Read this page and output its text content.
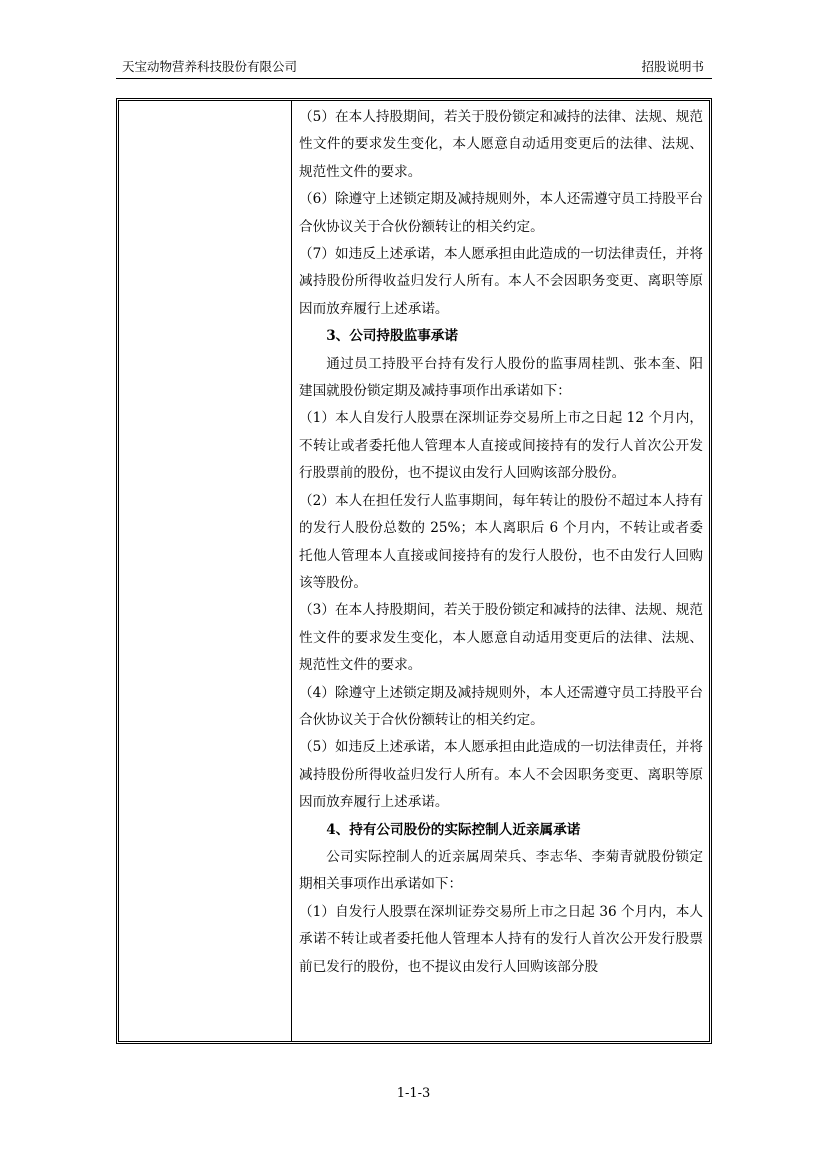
天宝动物营养科技股份有限公司	招股说明书

（5）在本人持股期间，若关于股份锁定和减持的法律、法规、规范性文件的要求发生变化，本人愿意自动适用变更后的法律、法规、规范性文件的要求。

（6）除遵守上述锁定期及减持规则外，本人还需遵守员工持股平台合伙协议关于合伙份额转让的相关约定。

（7）如违反上述承诺，本人愿承担由此造成的一切法律责任，并将减持股份所得收益归发行人所有。本人不会因职务变更、离职等原因而放弃履行上述承诺。

3、公司持股监事承诺

通过员工持股平台持有发行人股份的监事周桂凯、张本奎、阳建国就股份锁定期及减持事项作出承诺如下：

（1）本人自发行人股票在深圳证券交易所上市之日起 12 个月内，不转让或者委托他人管理本人直接或间接持有的发行人首次公开发行股票前的股份，也不提议由发行人回购该部分股份。

（2）本人在担任发行人监事期间，每年转让的股份不超过本人持有的发行人股份总数的 25%；本人离职后 6 个月内，不转让或者委托他人管理本人直接或间接持有的发行人股份，也不由发行人回购该等股份。

（3）在本人持股期间，若关于股份锁定和减持的法律、法规、规范性文件的要求发生变化，本人愿意自动适用变更后的法律、法规、规范性文件的要求。

（4）除遵守上述锁定期及减持规则外，本人还需遵守员工持股平台合伙协议关于合伙份额转让的相关约定。

（5）如违反上述承诺，本人愿承担由此造成的一切法律责任，并将减持股份所得收益归发行人所有。本人不会因职务变更、离职等原因而放弃履行上述承诺。

4、持有公司股份的实际控制人近亲属承诺

公司实际控制人的近亲属周荣兵、李志华、李菊青就股份锁定期相关事项作出承诺如下：

（1）自发行人股票在深圳证券交易所上市之日起 36 个月内，本人承诺不转让或者委托他人管理本人持有的发行人首次公开发行股票前已发行的股份，也不提议由发行人回购该部分股

1-1-3
